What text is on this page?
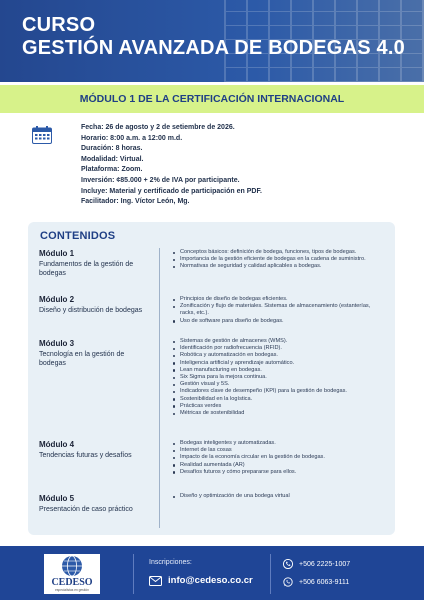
CURSO
GESTIÓN AVANZADA DE BODEGAS 4.0
MÓDULO 1 DE LA CERTIFICACIÓN INTERNACIONAL
Fecha: 26 de agosto y 2 de setiembre de 2026.
Horario: 8:00 a.m. a 12:00 m.d.
Duración: 8 horas.
Modalidad: Virtual.
Plataforma: Zoom.
Inversión: ¢85.000 + 2% de IVA por participante.
Incluye: Material y certificado de participación en PDF.
Facilitador: Ing. Víctor León, Mg.
CONTENIDOS
Módulo 1
Fundamentos de la gestión de bodegas
Conceptos básicos: definición de bodega, funciones, tipos de bodegas.
Importancia de la gestión eficiente de bodegas en la cadena de suministro.
Normativas de seguridad y calidad aplicables a bodegas.
Módulo 2
Diseño y distribución de bodegas
Principios de diseño de bodegas eficientes.
Zonificación y flujo de materiales. Sistemas de almacenamiento (estanterías, racks, etc.).
Uso de software para diseño de bodegas.
Módulo 3
Tecnología en la gestión de bodegas
Sistemas de gestión de almacenes (WMS).
Identificación por radiofrecuencia (RFID).
Robótica y automatización en bodegas.
Inteligencia artificial y aprendizaje automático.
Lean manufacturing en bodegas.
Six Sigma para la mejora continua.
Gestión visual y 5S.
Indicadores clave de desempeño (KPI) para la gestión de bodegas.
Sostenibilidad en la logística.
Prácticas verdes
Métricas de sostenibilidad
Módulo 4
Tendencias futuras y desafíos
Bodegas inteligentes y automatizadas.
Internet de las cosas
Impacto de la economía circular en la gestión de bodegas.
Realidad aumentada (AR)
Desafíos futuros y cómo prepararse para ellos.
Módulo 5
Presentación de caso práctico
Diseño y optimización de una bodega virtual
CEDESO
especialistas en gestión
Inscripciones:
info@cedeso.co.cr
+506 2225-1007
+506 6063-9111
